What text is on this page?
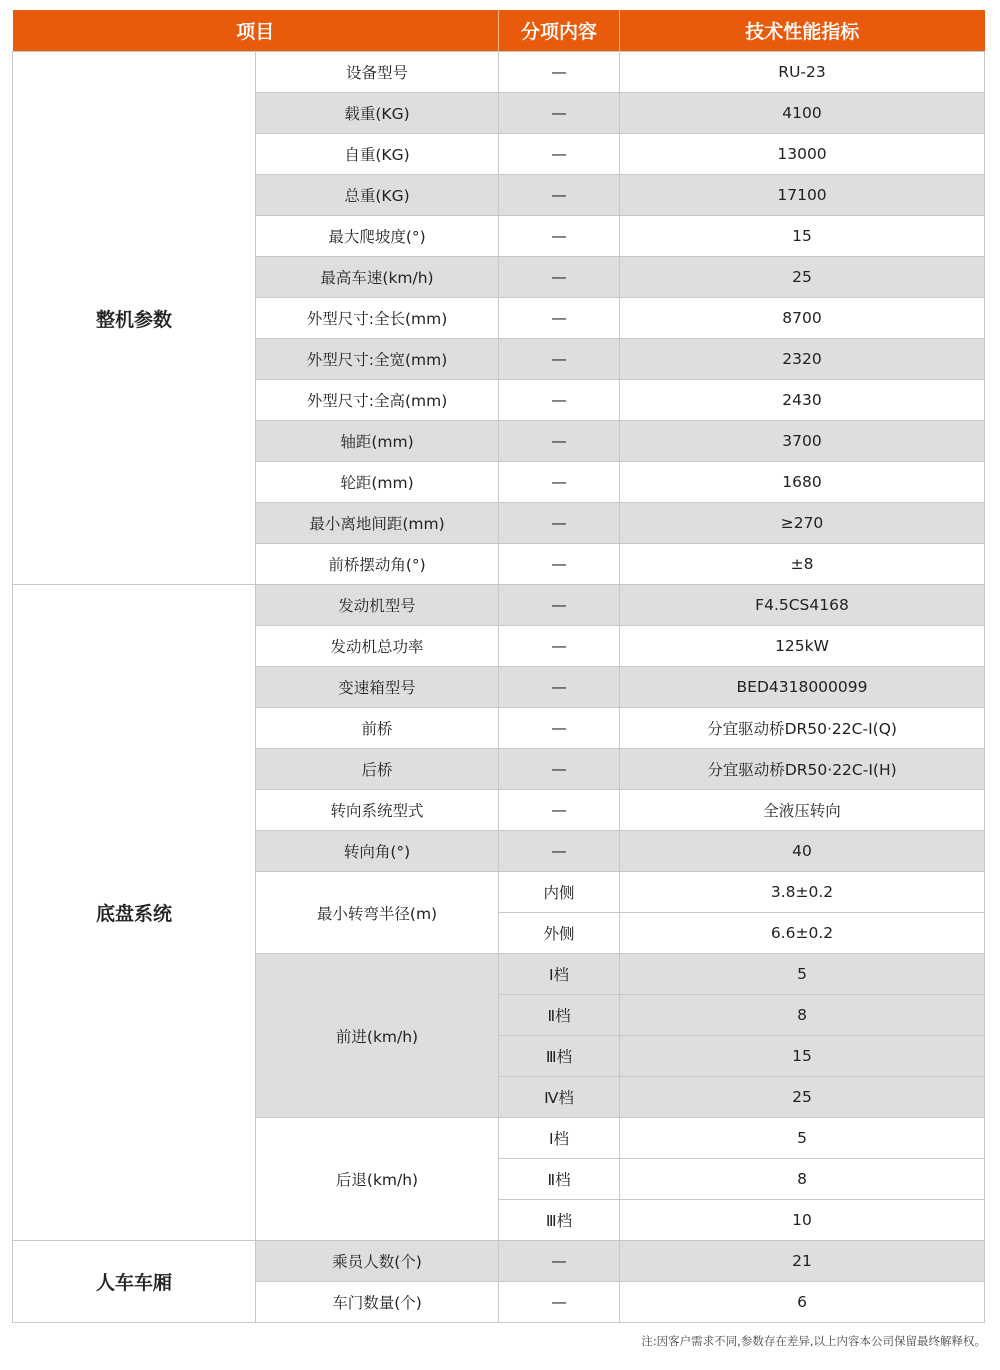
项目		分项内容	技术性能指标
整机参数	设备型号	—	RU-23
	载重(KG)	—	4100
	自重(KG)	—	13000
	总重(KG)	—	17100
	最大爬坡度(°)	—	15
	最高车速(km/h)	—	25
	外型尺寸:全长(mm)	—	8700
	外型尺寸:全宽(mm)	—	2320
	外型尺寸:全高(mm)	—	2430
	轴距(mm)	—	3700
	轮距(mm)	—	1680
	最小离地间距(mm)	—	≥270
	前桥摆动角(°)	—	±8
底盘系统	发动机型号	—	F4.5CS4168
	发动机总功率	—	125kW
	变速箱型号	—	BED4318000099
	前桥	—	分宜驱动桥DR50·22C-I(Q)
	后桥	—	分宜驱动桥DR50·22C-I(H)
	转向系统型式	—	全液压转向
	转向角(°)	—	40
	最小转弯半径(m)	内侧	3.8±0.2
		外侧	6.6±0.2
	前进(km/h)	Ⅰ档	5
		Ⅱ档	8
		Ⅲ档	15
		Ⅳ档	25
	后退(km/h)	Ⅰ档	5
		Ⅱ档	8
		Ⅲ档	10
人车车厢	乘员人数(个)	—	21
	车门数量(个)	—	6
注:因客户需求不同,参数存在差异,以上内容本公司保留最终解释权。
